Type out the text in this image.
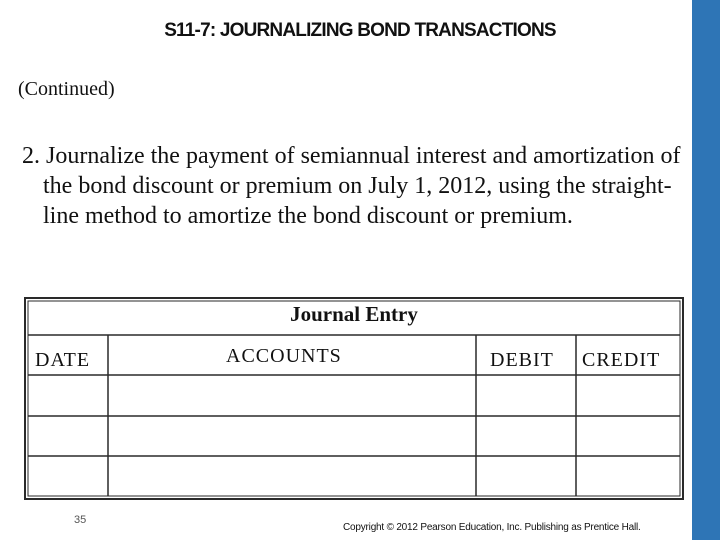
S11-7: JOURNALIZING BOND TRANSACTIONS
(Continued)
2. Journalize the payment of semiannual interest and amortization of the bond discount or premium on July 1, 2012, using the straight-line method to amortize the bond discount or premium.
Journal Entry
DATE	ACCOUNTS	DEBIT CREDIT
35
Copyright © 2012 Pearson Education, Inc. Publishing as Prentice Hall.
